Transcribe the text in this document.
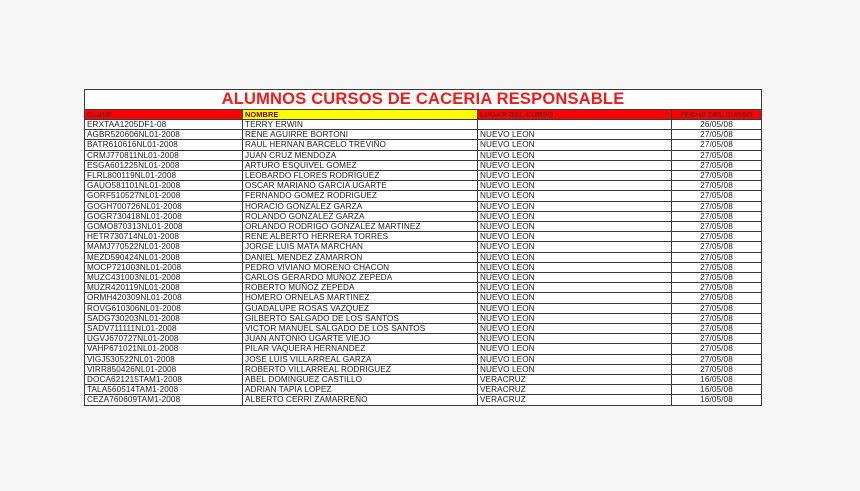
ALUMNOS CURSOS DE CACERIA RESPONSABLE			
CLAVE	NOMBRE	LUGAR DEL CURSO	FECHA DEL CURSO
ERXTAA1205DF1-08	TERRY ERWIN		26/05/08
AGBR520606NL01-2008	RENE AGUIRRE BORTONI	NUEVO LEON	27/05/08
BATR610616NL01-2008	RAUL HERNAN BARCELO TREVIÑO	NUEVO LEON	27/05/08
CRMJ770811NL01-2008	JUAN CRUZ MENDOZA	NUEVO LEON	27/05/08
ESGA601225NL01-2008	ARTURO ESQUIVEL GOMEZ	NUEVO LEON	27/05/08
FLRL800119NL01-2008	LEOBARDO FLORES RODRIGUEZ	NUEVO LEON	27/05/08
GAUO581101NL01-2008	OSCAR MARIANO GARCIA UGARTE	NUEVO LEON	27/05/08
GORF510527NL01-2008	FERNANDO GOMEZ RODRIGUEZ	NUEVO LEON	27/05/08
GOGH700726NL01-2008	HORACIO GONZALEZ GARZA	NUEVO LEON	27/05/08
GOGR730418NL01-2008	ROLANDO GONZALEZ GARZA	NUEVO LEON	27/05/08
GOMO870313NL01-2008	ORLANDO RODRIGO GONZALEZ MARTINEZ	NUEVO LEON	27/05/08
HETR730714NL01-2008	RENE ALBERTO HERRERA TORRES	NUEVO LEON	27/05/08
MAMJ770522NL01-2008	JORGE LUIS MATA MARCHAN	NUEVO LEON	27/05/08
MEZD590424NL01-2008	DANIEL MENDEZ ZAMARRON	NUEVO LEON	27/05/08
MOCP721003NL01-2008	PEDRO VIVIANO MORENO CHACON	NUEVO LEON	27/05/08
MUZC431003NL01-2008	CARLOS GERARDO MUÑOZ ZEPEDA	NUEVO LEON	27/05/08
MUZR420119NL01-2008	ROBERTO MUÑOZ ZEPEDA	NUEVO LEON	27/05/08
ORMH420309NL01-2008	HOMERO ORNELAS MARTINEZ	NUEVO LEON	27/05/08
ROVG610306NL01-2008	GUADALUPE ROSAS VAZQUEZ	NUEVO LEON	27/05/08
SADG730203NL01-2008	GILBERTO SALGADO DE LOS SANTOS	NUEVO LEON	27/05/08
SADV711111NL01-2008	VICTOR MANUEL SALGADO DE LOS SANTOS	NUEVO LEON	27/05/08
UGVJ670727NL01-2008	JUAN ANTONIO UGARTE VIEJO	NUEVO LEON	27/05/08
VAHP671021NL01-2008	PILAR VAQUERA HERNANDEZ	NUEVO LEON	27/05/08
VIGJ530522NL01-2008	JOSE LUIS VILLARREAL GARZA	NUEVO LEON	27/05/08
VIRR850426NL01-2008	ROBERTO VILLARREAL RODRIGUEZ	NUEVO LEON	27/05/08
DOCA621215TAM1-2008	ABEL DOMINGUEZ CASTILLO	VERACRUZ	16/05/08
TALA560514TAM1-2008	ADRIAN TAPIA LOPEZ	VERACRUZ	16/05/08
CEZA760609TAM1-2008	ALBERTO CERRI ZAMARREÑO	VERACRUZ	16/05/08
